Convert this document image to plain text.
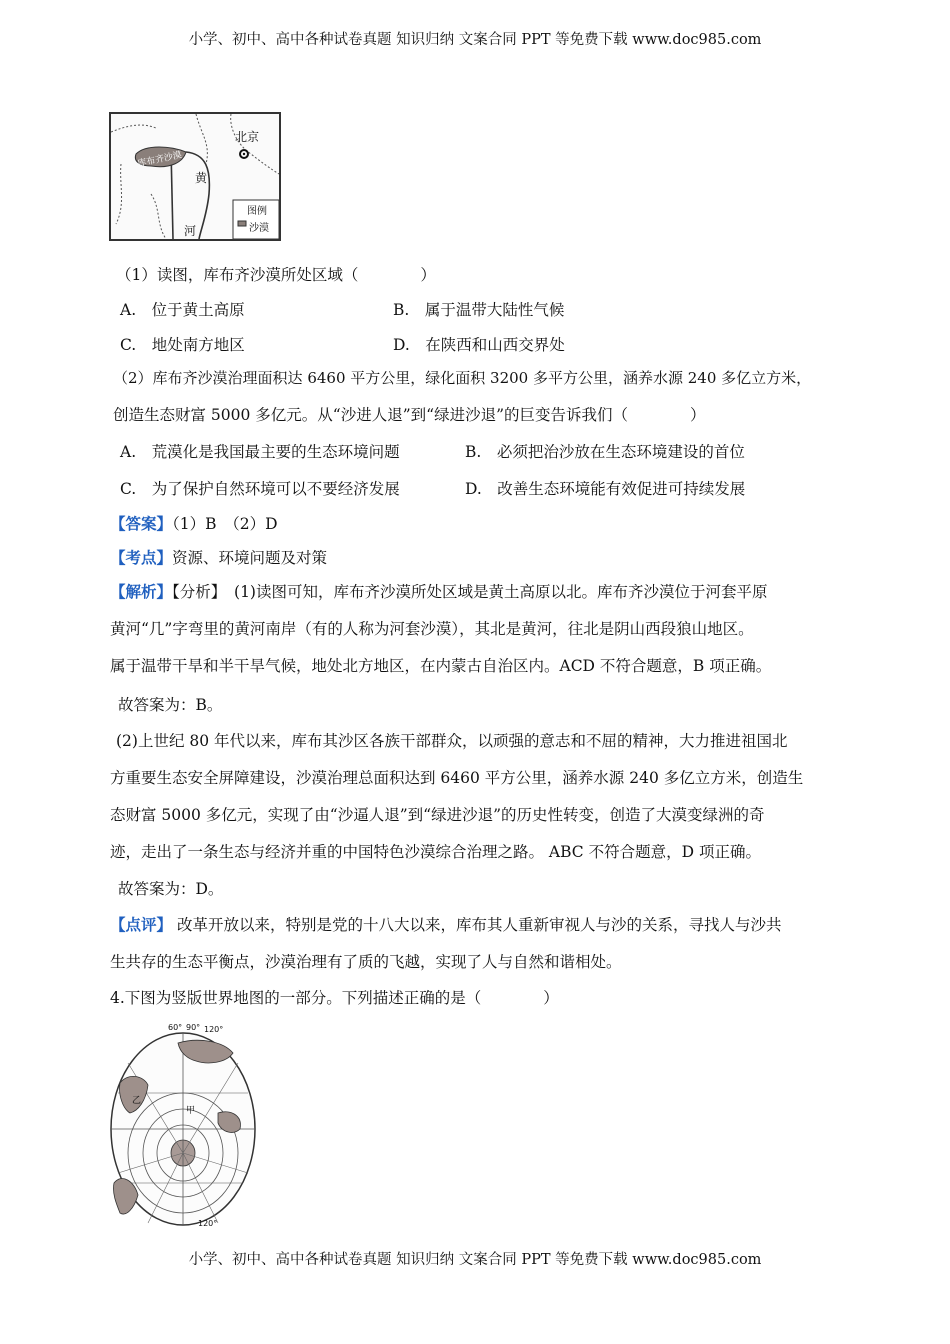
小学、初中、高中各种试卷真题 知识归纳 文案合同 PPT 等免费下载 www.doc985.com
北京
库布齐沙漠
黄
河
图例
沙漠
（1）读图，库布齐沙漠所处区域（　　　　）
A.　位于黄土高原	B.　属于温带大陆性气候
C.　地处南方地区	D.　在陕西和山西交界处
（2）库布齐沙漠治理面积达 6460 平方公里，绿化面积 3200 多平方公里，涵养水源 240 多亿立方米，
创造生态财富 5000 多亿元。从“沙进人退”到“绿进沙退”的巨变告诉我们（　　　　）
A.　荒漠化是我国最主要的生态环境问题	B.　必须把治沙放在生态环境建设的首位
C.　为了保护自然环境可以不要经济发展	D.　改善生态环境能有效促进可持续发展
【答案】（1）B　（2）D
【考点】资源、环境问题及对策
【解析】【分析】　(1)读图可知，库布齐沙漠所处区域是黄土高原以北。库布齐沙漠位于河套平原
黄河“几”字弯里的黄河南岸（有的人称为河套沙漠），其北是黄河，往北是阴山西段狼山地区。
属于温带干旱和半干旱气候，地处北方地区，在内蒙古自治区内。ACD 不符合题意，B 项正确。
故答案为：B。
(2)上世纪 80 年代以来，库布其沙区各族干部群众，以顽强的意志和不屈的精神，大力推进祖国北
方重要生态安全屏障建设，沙漠治理总面积达到 6460 平方公里，涵养水源 240 多亿立方米，创造生
态财富 5000 多亿元，实现了由“沙逼人退”到“绿进沙退”的历史性转变，创造了大漠变绿洲的奇
迹，走出了一条生态与经济并重的中国特色沙漠综合治理之路。 ABC 不符合题意，D 项正确。
故答案为：D。
【点评】 改革开放以来，特别是党的十八大以来，库布其人重新审视人与沙的关系，寻找人与沙共
生共存的生态平衡点，沙漠治理有了质的飞越，实现了人与自然和谐相处。
4.下图为竖版世界地图的一部分。下列描述正确的是（　　　　）
60° 90° 120°
120°
甲
乙
小学、初中、高中各种试卷真题 知识归纳 文案合同 PPT 等免费下载 www.doc985.com
